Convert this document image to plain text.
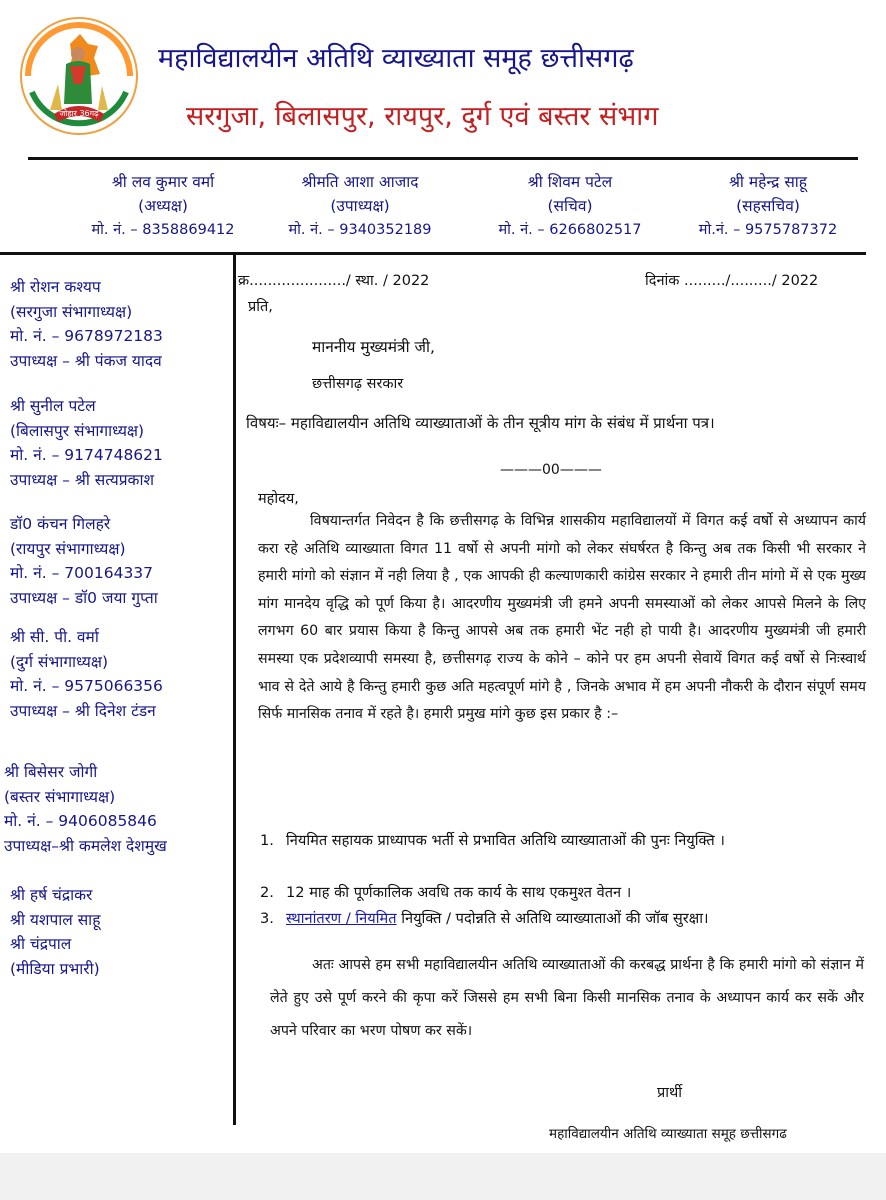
जोहार 36गढ़
महाविद्यालयीन अतिथि व्याख्याता समूह छत्तीसगढ़
सरगुजा, बिलासपुर, रायपुर, दुर्ग एवं बस्तर संभाग
श्री लव कुमार वर्मा
(अध्यक्ष)
मो. नं. – 8358869412
श्रीमति आशा आजाद
(उपाध्यक्ष)
मो. नं. – 9340352189
श्री शिवम पटेल
(सचिव)
मो. नं. – 6266802517
श्री महेन्द्र साहू
(सहसचिव)
मो.नं. – 9575787372
श्री रोशन कश्यप
(सरगुजा संभागाध्यक्ष)
मो. नं. – 9678972183
उपाध्यक्ष – श्री पंकज यादव
श्री सुनील पटेल
(बिलासपुर संभागाध्यक्ष)
मो. नं. – 9174748621
उपाध्यक्ष – श्री सत्यप्रकाश
डॉ0 कंचन गिलहरे
(रायपुर संभागाध्यक्ष)
मो. नं. – 700164337
उपाध्यक्ष – डॉ0 जया गुप्ता
श्री सी. पी. वर्मा
(दुर्ग संभागाध्यक्ष)
मो. नं. – 9575066356
उपाध्यक्ष – श्री दिनेश टंडन
श्री बिसेसर जोगी
(बस्तर संभागाध्यक्ष)
मो. नं. – 9406085846
उपाध्यक्ष–श्री कमलेश देशमुख
श्री हर्ष चंद्राकर
श्री यशपाल साहू
श्री चंद्रपाल
(मीडिया प्रभारी)
क्र...................../ स्था. / 2022	दिनांक ........./........./ 2022
प्रति,
माननीय मुख्यमंत्री जी,
छत्तीसगढ़ सरकार
विषयः– महाविद्यालयीन अतिथि व्याख्याताओं के तीन सूत्रीय मांग के संबंध में प्रार्थना पत्र।
———00———
महोदय,

विषयान्तर्गत निवेदन है कि छत्तीसगढ़ के विभिन्न शासकीय महाविद्यालयों में विगत कई वर्षो से अध्यापन कार्य करा रहे अतिथि व्याख्याता विगत 11 वर्षो से अपनी मांगो को लेकर संघर्षरत है किन्तु अब तक किसी भी सरकार ने हमारी मांगो को संज्ञान में नही लिया है , एक आपकी ही कल्याणकारी कांग्रेस सरकार ने हमारी तीन मांगो में से एक मुख्य मांग मानदेय वृद्धि को पूर्ण किया है। आदरणीय मुख्यमंत्री जी हमने अपनी समस्याओं को लेकर आपसे मिलने के लिए लगभग 60 बार प्रयास किया है किन्तु आपसे अब तक हमारी भेंट नही हो पायी है। आदरणीय मुख्यमंत्री जी हमारी समस्या एक प्रदेशव्यापी समस्या है, छत्तीसगढ़ राज्य के कोने – कोने पर हम अपनी सेवायें विगत कई वर्षो से निःस्वार्थ भाव से देते आये है किन्तु हमारी कुछ अति महत्वपूर्ण मांगे है , जिनके अभाव में हम अपनी नौकरी के दौरान संपूर्ण समय सिर्फ मानसिक तनाव में रहते है। हमारी प्रमुख मांगे कुछ इस प्रकार है :–

1. नियमित सहायक प्राध्यापक भर्ती से प्रभावित अतिथि व्याख्याताओं की पुनः नियुक्ति ।
2. 12 माह की पूर्णकालिक अवधि तक कार्य के साथ एकमुश्त वेतन ।
3. स्थानांतरण / नियमित नियुक्ति / पदोन्नति से अतिथि व्याख्याताओं की जॉब सुरक्षा।

अतः आपसे हम सभी महाविद्यालयीन अतिथि व्याख्याताओं की करबद्ध प्रार्थना है कि हमारी मांगो को संज्ञान में लेते हुए उसे पूर्ण करने की कृपा करें जिससे हम सभी बिना किसी मानसिक तनाव के अध्यापन कार्य कर सकें और अपने परिवार का भरण पोषण कर सकें।

प्रार्थी
महाविद्यालयीन अतिथि व्याख्याता समूह छत्तीसगढ
